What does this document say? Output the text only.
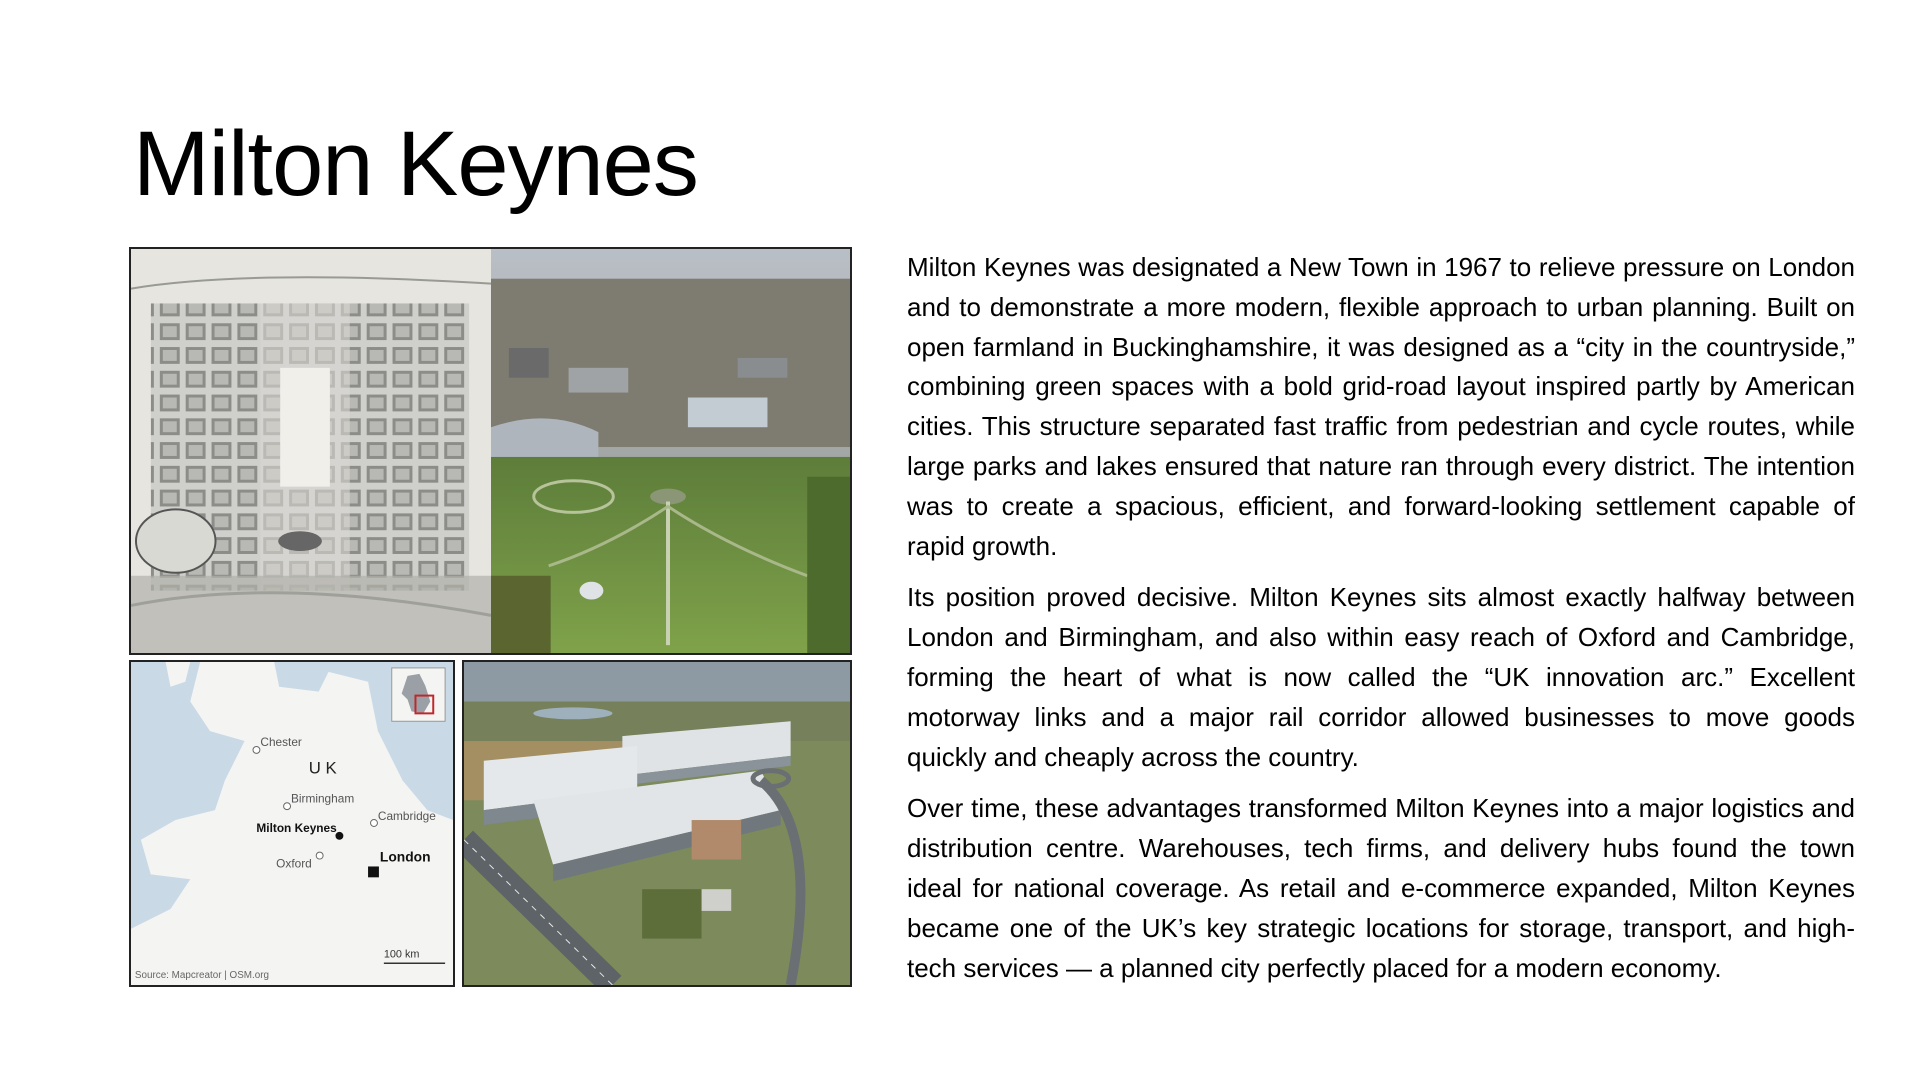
Milton Keynes
Chester
U K
Birmingham
Milton Keynes
Cambridge
Oxford	London
100 km
Source: Mapcreator | OSM.org

Milton Keynes was designated a New Town in 1967 to relieve pressure on London and to demonstrate a more modern, flexible approach to urban planning. Built on open farmland in Buckinghamshire, it was designed as a “city in the countryside,” combining green spaces with a bold grid-road layout inspired partly by American cities. This structure separated fast traffic from pedestrian and cycle routes, while large parks and lakes ensured that nature ran through every district. The intention was to create a spacious, efficient, and forward-looking settlement capable of rapid growth.

Its position proved decisive. Milton Keynes sits almost exactly halfway between London and Birmingham, and also within easy reach of Oxford and Cambridge, forming the heart of what is now called the “UK innovation arc.” Excellent motorway links and a major rail corridor allowed businesses to move goods quickly and cheaply across the country.

Over time, these advantages transformed Milton Keynes into a major logistics and distribution centre. Warehouses, tech firms, and delivery hubs found the town ideal for national coverage. As retail and e-commerce expanded, Milton Keynes became one of the UK’s key strategic locations for storage, transport, and high-tech services — a planned city perfectly placed for a modern economy.
